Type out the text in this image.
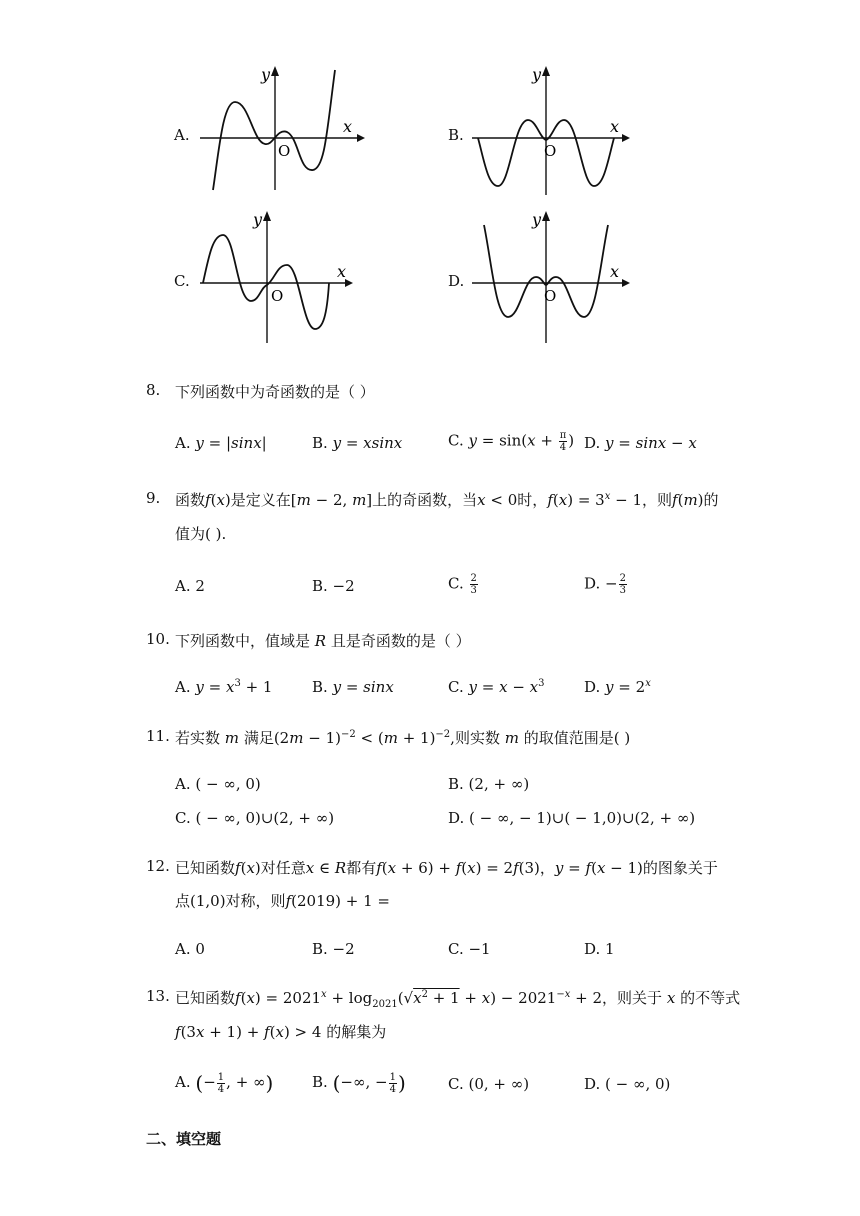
A.
y
x
O
B.
y
x
O
C.
y
x
O
D.
y
x
O
8. 下列函数中为奇函数的是（ ）
A. y = |sinx|	B. y = xsinx	C. $y = \sin(x + \frac{\pi}{4}$ ) D. y = sinx − x
9. 函数f(x)是定义在[m − 2, m]上的奇函数，当x < 0时，$f(x) = 3^x - 1$，则f(m)的
值为( ).
A. 2	B. −2	C. $\frac{2}{3}$	D. − $\frac{2}{3}$
10. 下列函数中，值域是 R 且是奇函数的是（ ）
A. $y = x^3 + 1$	B. y = sinx	C. $y = x - x^3$	D. $y = 2^x$
11. 若实数 m 满足$(2m - 1)^{-2} < (m + 1)^{-2}$,则实数 m 的取值范围是( )
A. ( − ∞, 0)	B. (2, + ∞)
C. ( − ∞, 0)∪(2, + ∞)	D. ( − ∞, − 1)∪( − 1,0)∪(2, + ∞)
12. 已知函数f(x)对任意x ∈ R都有f(x + 6) + f(x) = 2f(3)，y = f(x − 1)的图象关于
点(1,0)对称，则f(2019) + 1 =
A. 0	B. −2	C. −1	D. 1
13. 已知函数$f(x) = 2021^x + \log_{2021}(√x^2 + 1 + x) - 2021^{-x} + 2$，则关于 x 的不等式
f(3x + 1) + f(x) > 4 的解集为
A. (− $\frac{1}{4}$ , + ∞)	B. (−∞, − $\frac{1}{4}$ )	C. (0, + ∞)	D. ( − ∞, 0)
二、填空题
